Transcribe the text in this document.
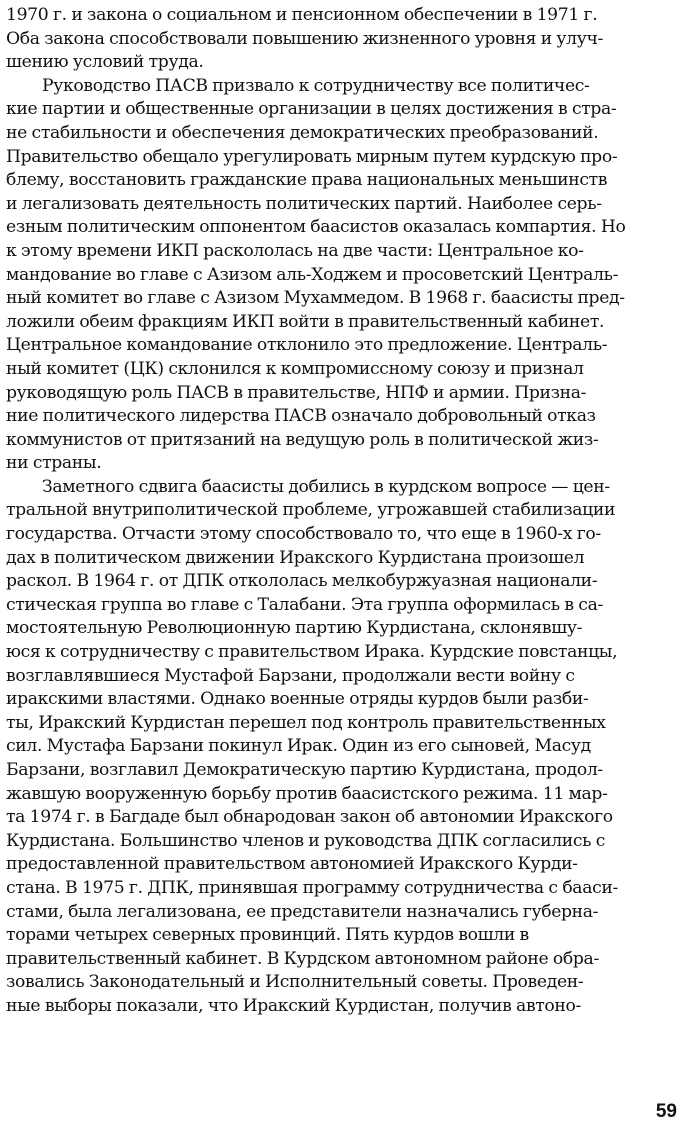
1970 г. и закона о социальном и пенсионном обеспечении в 1971 г.
Оба закона способствовали повышению жизненного уровня и улуч-
шению условий труда.
Руководство ПАСВ призвало к сотрудничеству все политичес-
кие партии и общественные организации в целях достижения в стра-
не стабильности и обеспечения демократических преобразований.
Правительство обещало урегулировать мирным путем курдскую про-
блему, восстановить гражданские права национальных меньшинств
и легализовать деятельность политических партий. Наиболее серь-
езным политическим оппонентом баасистов оказалась компартия. Но
к этому времени ИКП раскололась на две части: Центральное ко-
мандование во главе с Азизом аль-Ходжем и просоветский Централь-
ный комитет во главе с Азизом Мухаммедом. В 1968 г. баасисты пред-
ложили обеим фракциям ИКП войти в правительственный кабинет.
Центральное командование отклонило это предложение. Централь-
ный комитет (ЦК) склонился к компромиссному союзу и признал
руководящую роль ПАСВ в правительстве, НПФ и армии. Призна-
ние политического лидерства ПАСВ означало добровольный отказ
коммунистов от притязаний на ведущую роль в политической жиз-
ни страны.
Заметного сдвига баасисты добились в курдском вопросе — цен-
тральной внутриполитической проблеме, угрожавшей стабилизации
государства. Отчасти этому способствовало то, что еще в 1960-х го-
дах в политическом движении Иракского Курдистана произошел
раскол. В 1964 г. от ДПК откололась мелкобуржуазная национали-
стическая группа во главе с Талабани. Эта группа оформилась в са-
мостоятельную Революционную партию Курдистана, склонявшу-
юся к сотрудничеству с правительством Ирака. Курдские повстанцы,
возглавлявшиеся Мустафой Барзани, продолжали вести войну с
иракскими властями. Однако военные отряды курдов были разби-
ты, Иракский Курдистан перешел под контроль правительственных
сил. Мустафа Барзани покинул Ирак. Один из его сыновей, Масуд
Барзани, возглавил Демократическую партию Курдистана, продол-
жавшую вооруженную борьбу против баасистского режима. 11 мар-
та 1974 г. в Багдаде был обнародован закон об автономии Иракского
Курдистана. Большинство членов и руководства ДПК согласились с
предоставленной правительством автономией Иракского Курди-
стана. В 1975 г. ДПК, принявшая программу сотрудничества с бааси-
стами, была легализована, ее представители назначались губерна-
торами четырех северных провинций. Пять курдов вошли в
правительственный кабинет. В Курдском автономном районе обра-
зовались Законодательный и Исполнительный советы. Проведен-
ные выборы показали, что Иракский Курдистан, получив автоно-
59
